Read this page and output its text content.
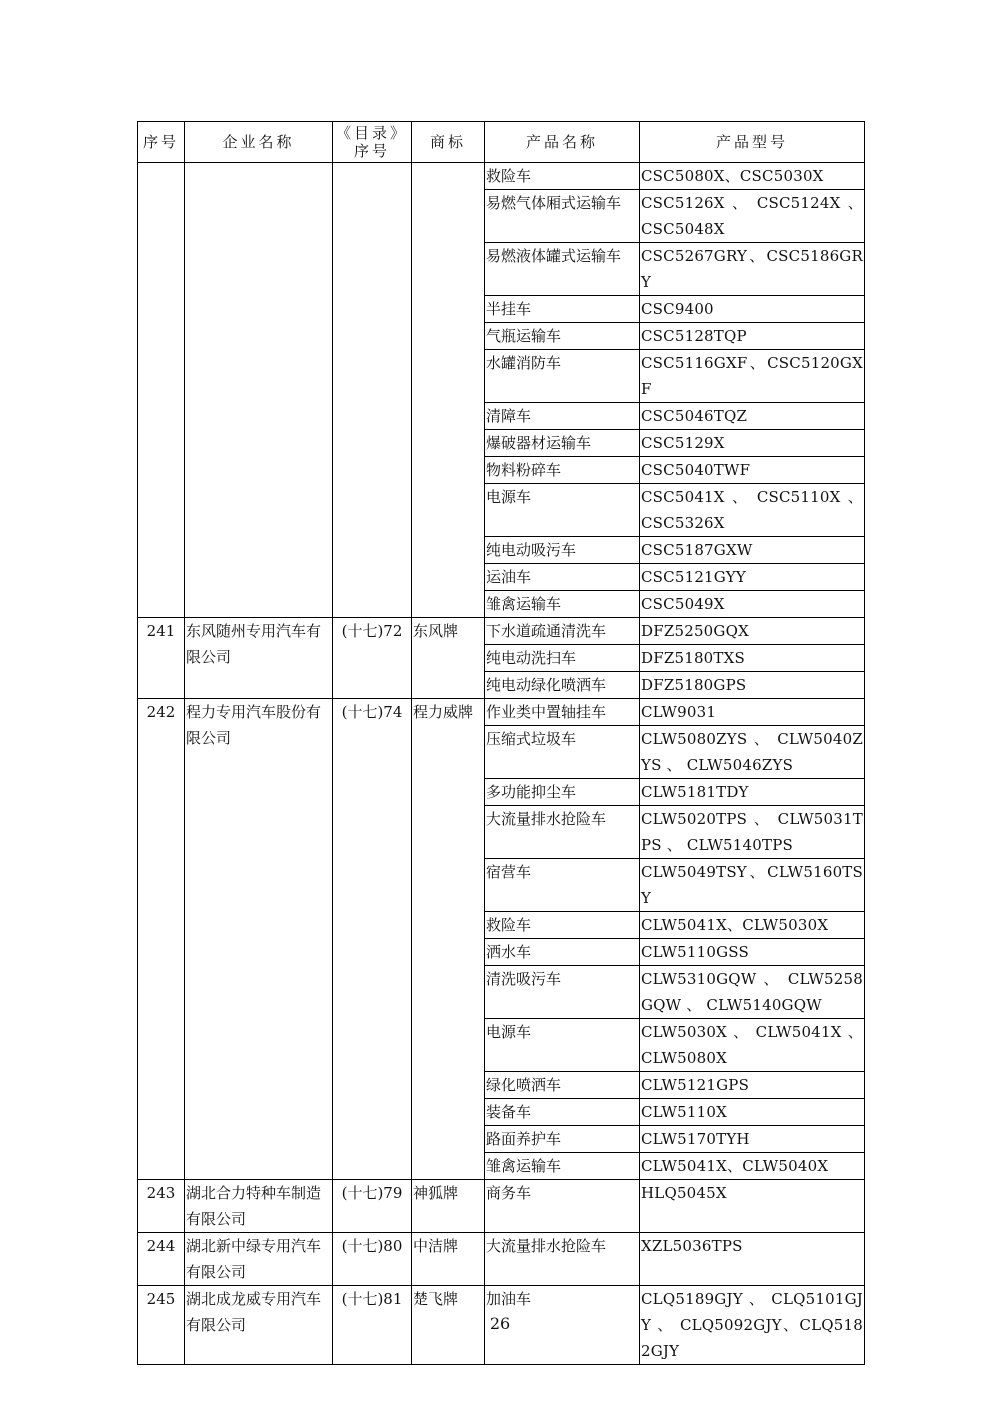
序号	企业名称	《目录》序号	商标	产品名称	产品型号
				救险车	CSC5080X、CSC5030X
				易燃气体厢式运输车	CSC5126X 、 CSC5124X 、 CSC5048X
				易燃液体罐式运输车	CSC5267GRY、CSC5186GRY
				半挂车	CSC9400
				气瓶运输车	CSC5128TQP
				水罐消防车	CSC5116GXF、CSC5120GXF
				清障车	CSC5046TQZ
				爆破器材运输车	CSC5129X
				物料粉碎车	CSC5040TWF
				电源车	CSC5041X 、 CSC5110X 、 CSC5326X
				纯电动吸污车	CSC5187GXW
				运油车	CSC5121GYY
				雏禽运输车	CSC5049X
241	东风随州专用汽车有限公司	(十七)72	东风牌	下水道疏通清洗车	DFZ5250GQX
				纯电动洗扫车	DFZ5180TXS
				纯电动绿化喷洒车	DFZ5180GPS
242	程力专用汽车股份有限公司	(十七)74	程力威牌	作业类中置轴挂车	CLW9031
				压缩式垃圾车	CLW5080ZYS 、 CLW5040ZYS 、 CLW5046ZYS
				多功能抑尘车	CLW5181TDY
				大流量排水抢险车	CLW5020TPS 、 CLW5031TPS 、 CLW5140TPS
				宿营车	CLW5049TSY、CLW5160TSY
				救险车	CLW5041X、CLW5030X
				洒水车	CLW5110GSS
				清洗吸污车	CLW5310GQW 、 CLW5258GQW 、 CLW5140GQW
				电源车	CLW5030X 、 CLW5041X 、 CLW5080X
				绿化喷洒车	CLW5121GPS
				装备车	CLW5110X
				路面养护车	CLW5170TYH
				雏禽运输车	CLW5041X、CLW5040X
243	湖北合力特种车制造有限公司	(十七)79	神狐牌	商务车	HLQ5045X
244	湖北新中绿专用汽车有限公司	(十七)80	中洁牌	大流量排水抢险车	XZL5036TPS
245	湖北成龙威专用汽车有限公司	(十七)81	楚飞牌	加油车	CLQ5189GJY 、 CLQ5101GJY 、 CLQ5092GJY、CLQ5182GJY
26
